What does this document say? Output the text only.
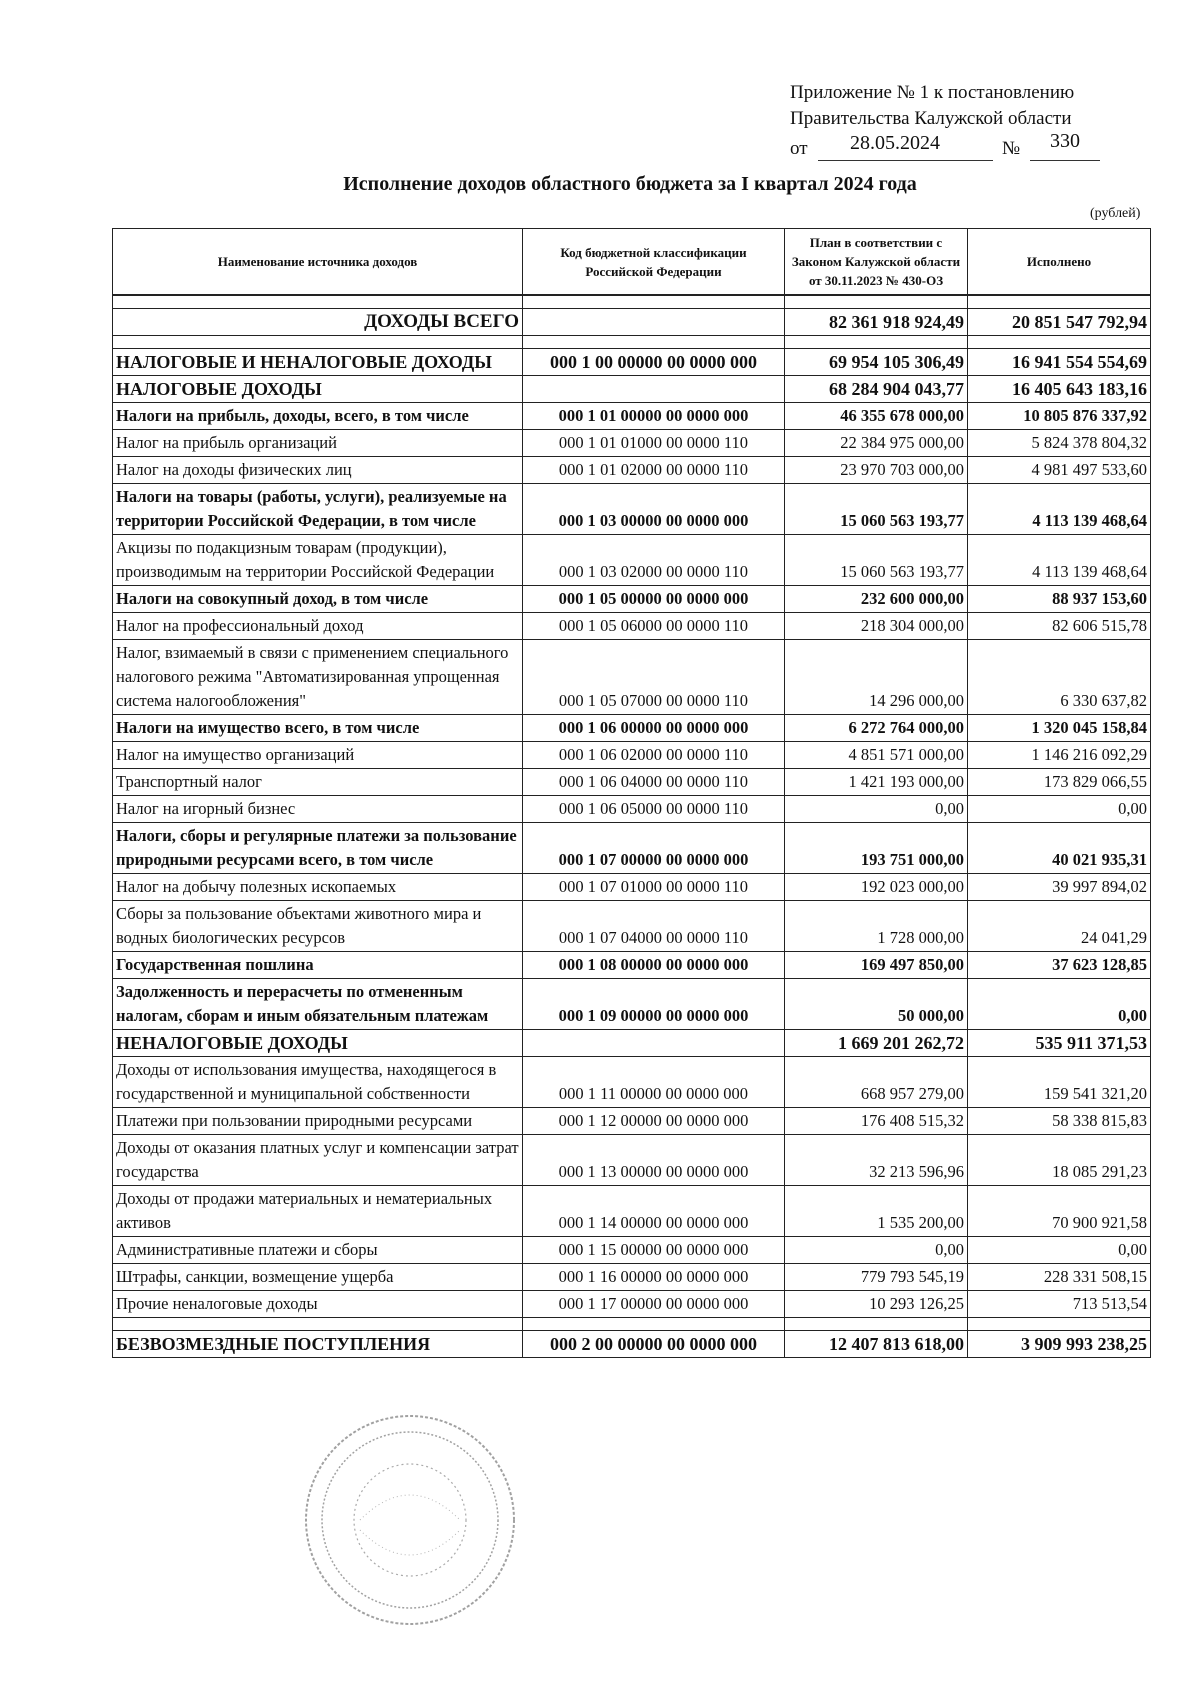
Приложение № 1 к постановлению
Правительства Калужской области
от 28.05.2024	№ 330
Исполнение доходов областного бюджета за I квартал 2024 года
(рублей)
Наименование источника доходов	Код бюджетной классификации Российской Федерации	План в соответствии с Законом Калужской области от 30.11.2023 № 430-ОЗ	Исполнено

ДОХОДЫ ВСЕГО		82 361 918 924,49	20 851 547 792,94

НАЛОГОВЫЕ И НЕНАЛОГОВЫЕ ДОХОДЫ	000 1 00 00000 00 0000 000	69 954 105 306,49	16 941 554 554,69
НАЛОГОВЫЕ ДОХОДЫ		68 284 904 043,77	16 405 643 183,16
Налоги на прибыль, доходы, всего, в том числе	000 1 01 00000 00 0000 000	46 355 678 000,00	10 805 876 337,92
Налог на прибыль организаций	000 1 01 01000 00 0000 110	22 384 975 000,00	5 824 378 804,32
Налог на доходы физических лиц	000 1 01 02000 00 0000 110	23 970 703 000,00	4 981 497 533,60
Налоги на товары (работы, услуги), реализуемые на территории Российской Федерации, в том числе	000 1 03 00000 00 0000 000	15 060 563 193,77	4 113 139 468,64
Акцизы по подакцизным товарам (продукции), производимым на территории Российской Федерации	000 1 03 02000 00 0000 110	15 060 563 193,77	4 113 139 468,64
Налоги на совокупный доход, в том числе	000 1 05 00000 00 0000 000	232 600 000,00	88 937 153,60
Налог на профессиональный доход	000 1 05 06000 00 0000 110	218 304 000,00	82 606 515,78
Налог, взимаемый в связи с применением специального налогового режима "Автоматизированная упрощенная система налогообложения"	000 1 05 07000 00 0000 110	14 296 000,00	6 330 637,82
Налоги на имущество всего, в том числе	000 1 06 00000 00 0000 000	6 272 764 000,00	1 320 045 158,84
Налог на имущество организаций	000 1 06 02000 00 0000 110	4 851 571 000,00	1 146 216 092,29
Транспортный налог	000 1 06 04000 00 0000 110	1 421 193 000,00	173 829 066,55
Налог на игорный бизнес	000 1 06 05000 00 0000 110	0,00	0,00
Налоги, сборы и регулярные платежи за пользование природными ресурсами всего, в том числе	000 1 07 00000 00 0000 000	193 751 000,00	40 021 935,31
Налог на добычу полезных ископаемых	000 1 07 01000 00 0000 110	192 023 000,00	39 997 894,02
Сборы за пользование объектами животного мира и водных биологических ресурсов	000 1 07 04000 00 0000 110	1 728 000,00	24 041,29
Государственная пошлина	000 1 08 00000 00 0000 000	169 497 850,00	37 623 128,85
Задолженность и перерасчеты по отмененным налогам, сборам и иным обязательным платежам	000 1 09 00000 00 0000 000	50 000,00	0,00
НЕНАЛОГОВЫЕ ДОХОДЫ		1 669 201 262,72	535 911 371,53
Доходы от использования имущества, находящегося в государственной и муниципальной собственности	000 1 11 00000 00 0000 000	668 957 279,00	159 541 321,20
Платежи при пользовании природными ресурсами	000 1 12 00000 00 0000 000	176 408 515,32	58 338 815,83
Доходы от оказания платных услуг и компенсации затрат государства	000 1 13 00000 00 0000 000	32 213 596,96	18 085 291,23
Доходы от продажи материальных и нематериальных активов	000 1 14 00000 00 0000 000	1 535 200,00	70 900 921,58
Административные платежи и сборы	000 1 15 00000 00 0000 000	0,00	0,00
Штрафы, санкции, возмещение ущерба	000 1 16 00000 00 0000 000	779 793 545,19	228 331 508,15
Прочие неналоговые доходы	000 1 17 00000 00 0000 000	10 293 126,25	713 513,54

БЕЗВОЗМЕЗДНЫЕ ПОСТУПЛЕНИЯ	000 2 00 00000 00 0000 000	12 407 813 618,00	3 909 993 238,25
